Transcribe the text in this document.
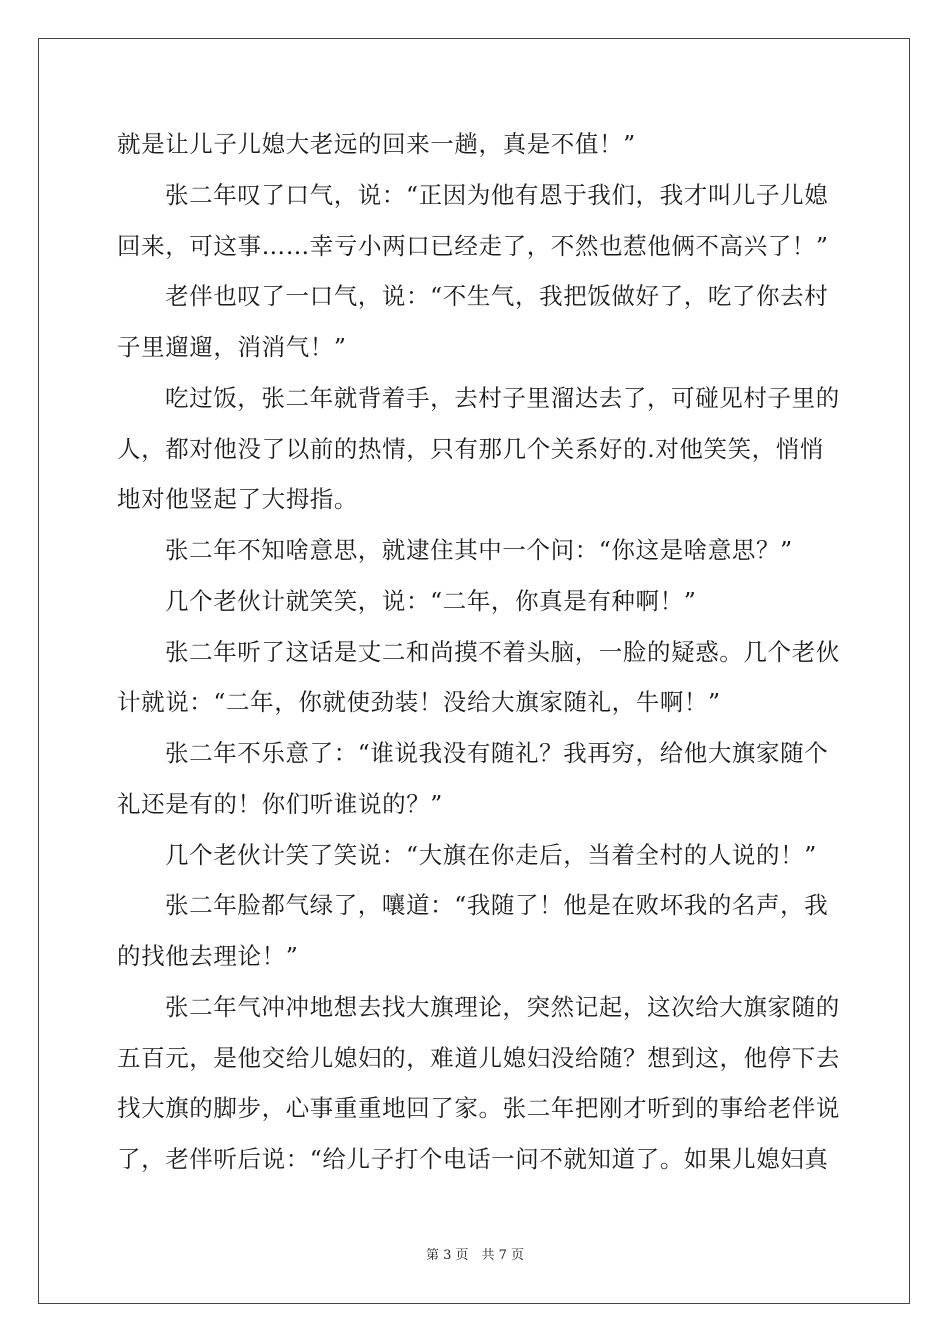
就是让儿子儿媳大老远的回来一趟，真是不值！”
张二年叹了口气，说：“正因为他有恩于我们，我才叫儿子儿媳
回来，可这事……幸亏小两口已经走了，不然也惹他俩不高兴了！”
老伴也叹了一口气，说：“不生气，我把饭做好了，吃了你去村
子里遛遛，消消气！”
吃过饭，张二年就背着手，去村子里溜达去了，可碰见村子里的
人，都对他没了以前的热情，只有那几个关系好的.对他笑笑，悄悄
地对他竖起了大拇指。
张二年不知啥意思，就逮住其中一个问：“你这是啥意思？”
几个老伙计就笑笑，说：“二年，你真是有种啊！”
张二年听了这话是丈二和尚摸不着头脑，一脸的疑惑。几个老伙
计就说：“二年，你就使劲装！没给大旗家随礼，牛啊！”
张二年不乐意了：“谁说我没有随礼？我再穷，给他大旗家随个
礼还是有的！你们听谁说的？”
几个老伙计笑了笑说：“大旗在你走后，当着全村的人说的！”
张二年脸都气绿了，嚷道：“我随了！他是在败坏我的名声，我
的找他去理论！”
张二年气冲冲地想去找大旗理论，突然记起，这次给大旗家随的
五百元，是他交给儿媳妇的，难道儿媳妇没给随？想到这，他停下去
找大旗的脚步，心事重重地回了家。张二年把刚才听到的事给老伴说
了，老伴听后说：“给儿子打个电话一问不就知道了。如果儿媳妇真
第 3 页　共 7 页
